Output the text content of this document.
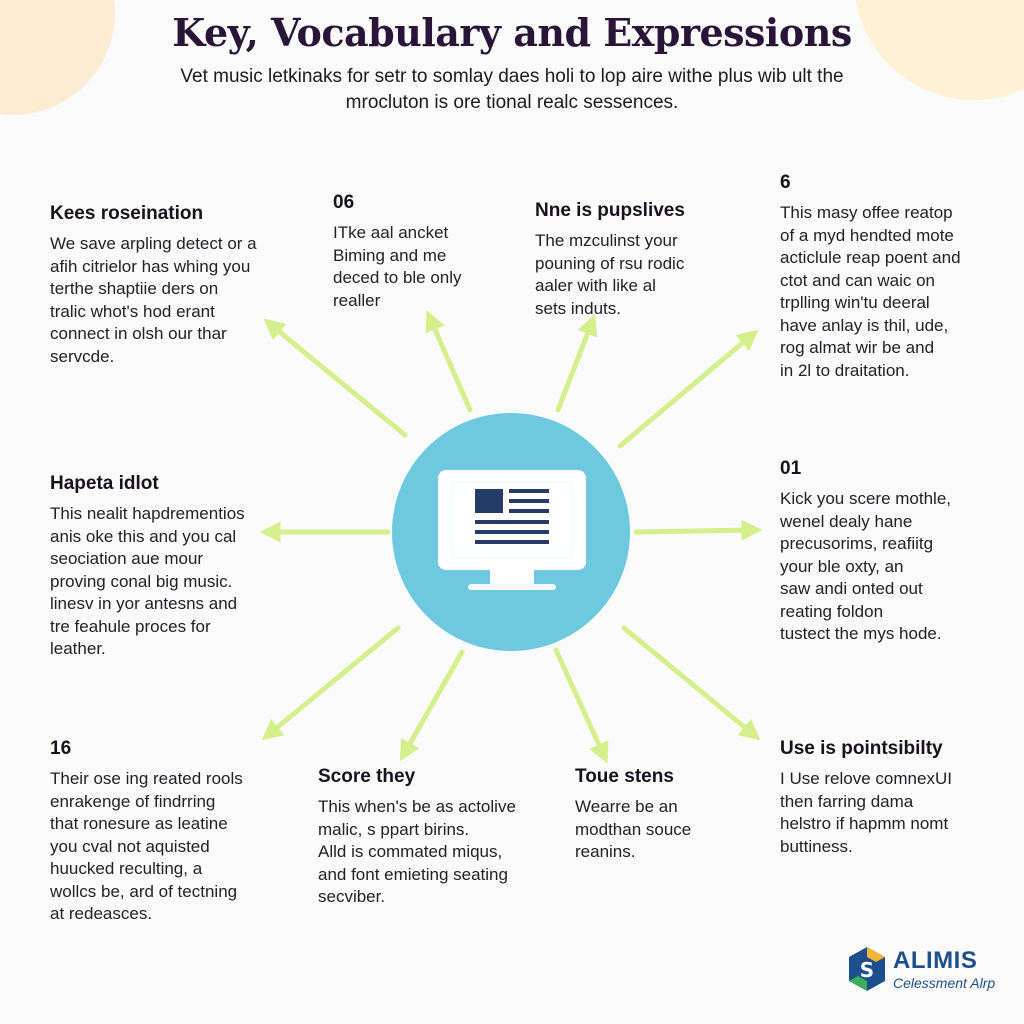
Key, Vocabulary and Expressions
Vet music letkinaks for setr to somlay daes holi to lop aire withe plus wib ult the
mrocluton is ore tional realc sessences.
Kees roseination
We save arpling detect or a
afih citrielor has whing you
terthe shaptiie ders on
tralic whot's hod erant
connect in olsh our thar
servcde.
06
ITke aal ancket
Biming and me
deced to ble only
realler
Nne is pupslives
The mzculinst your
pouning of rsu rodic
aaler with like al
sets induts.
6
This masy offee reatop
of a myd hendted mote
acticlule reap poent and
ctot and can waic on
trplling win'tu deeral
have anlay is thil, ude,
rog almat wir be and
in 2l to draitation.
Hapeta idlot
This nealit hapdrementios
anis oke this and you cal
seociation aue mour
proving conal big music.
linesv in yor antesns and
tre feahule proces for
leather.
01
Kick you scere mothle,
wenel dealy hane
precusorims, reafiitg
your ble oxty, an
saw andi onted out
reating foldon
tustect the mys hode.
16
Their ose ing reated rools
enrakenge of findrring
that ronesure as leatine
you cval not aquisted
huucked reculting, a
wollcs be, ard of tectning
at redeasces.
Score they
This when's be as actolive
malic, s ppart birins.
Alld is commated miqus,
and font emieting seating
secviber.
Toue stens
Wearre be an
modthan souce
reanins.
Use is pointsibilty
I Use relove comnexUI
then farring dama
helstro if hapmm nomt
buttiness.
S ALIMIS
Celessment Alrp
